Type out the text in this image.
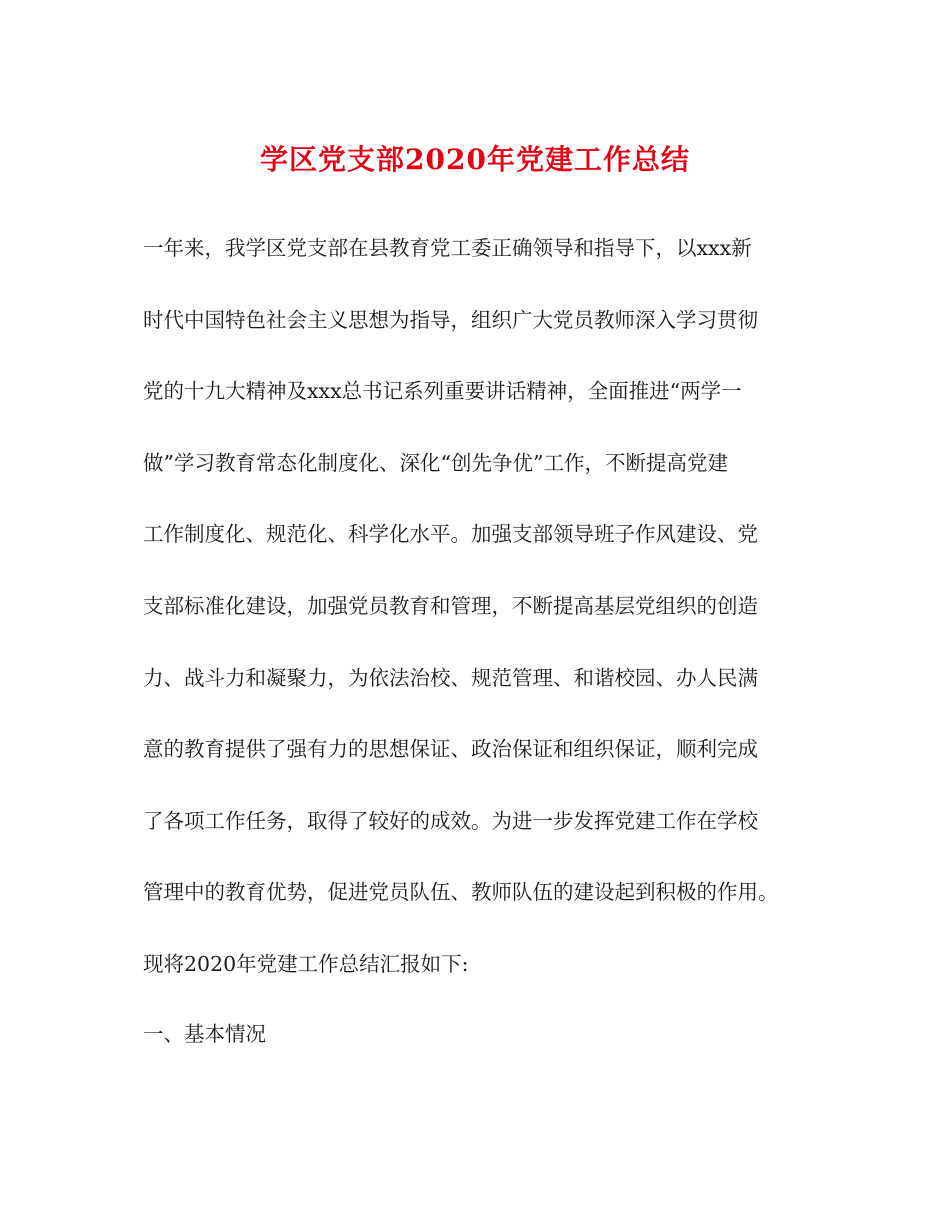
学区党支部2020年党建工作总结
一年来，我学区党支部在县教育党工委正确领导和指导下，以xxx新
时代中国特色社会主义思想为指导，组织广大党员教师深入学习贯彻
党的十九大精神及xxx总书记系列重要讲话精神，全面推进“两学一
做”学习教育常态化制度化、深化“创先争优”工作，不断提高党建
工作制度化、规范化、科学化水平。加强支部领导班子作风建设、党
支部标准化建设，加强党员教育和管理，不断提高基层党组织的创造
力、战斗力和凝聚力，为依法治校、规范管理、和谐校园、办人民满
意的教育提供了强有力的思想保证、政治保证和组织保证，顺利完成
了各项工作任务，取得了较好的成效。为进一步发挥党建工作在学校
管理中的教育优势，促进党员队伍、教师队伍的建设起到积极的作用。
现将2020年党建工作总结汇报如下:
一、基本情况
